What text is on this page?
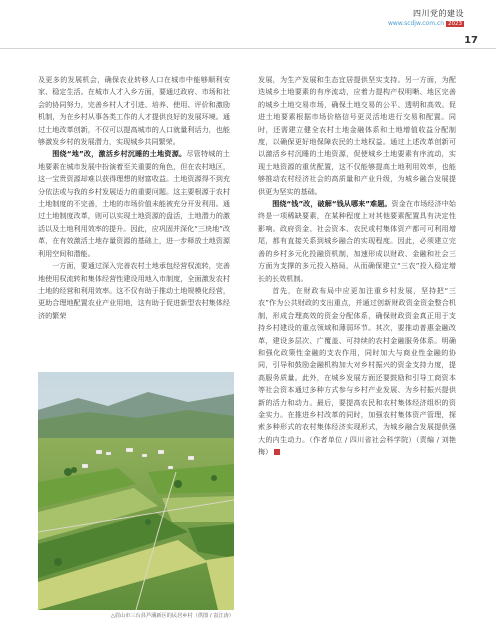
四川党的建设
www.scdjw.com.cn 2023
17

及更多的发展机会，确保农业转移人口在城市中能够顺利安家、稳定生活。在城市人才入乡方面，要通过政府、市场和社会的协同努力，完善乡村人才引进、培养、使用、评价和激励机制，为在乡村从事各类工作的人才提供良好的发展环境。通过土地改革创新，不仅可以提高城市的人口就量利话力，也能够激发乡村的发展潜力，实现城乡共同繁荣。

围绕“地”改，激活乡村沉睡的土地资源。尽管特城的土地要素在城市发展中扮演着至关重要的角色，但在农村地区，这一宝贵资源却难以获得理想的财富收益。土地资源得不到充分依法或与我的乡村发展适力的重要问题。这主要根源于农村土地制度的不完善，土地的市场价值未能被充分开发利用。通过土地制度改革，则可以实现土地资源的盘活，土地潜力的激活以及土地利用效率的提升。因此，应巩固并深化“三块地”改革，在有效激活土地存量资源的基础上，进一步释放土地资源利用空间和潜能。

一方面，要通过深入完善农村土地承包经营权流转，完善地使用权流转和集体经营性建设用地入市制度，全面激发农村土地的经营和利用效率。这不仅有助于推动土地规模化经营，更助合理地配置农业产业用地，这有助于促进新型农村集体经济的繁荣

△眉山市三台县芦溪新区的民居乡村（供图 / 袁江涛）

发展，为生产发展和生态宜居提供坚实支持。另一方面，为配迭城乡土地要素的有序流动，应着力提构产权明晰、地区完善的城乡土地交易市场，确保土地交易的公平、透明和高效。促进土地要素根据市场价格信号更灵活地进行交易和配置。同时，还需建立健全农村土地金融体系和土地增值收益分配制度，以确保更好地保障农民的土地权益。通过上述改革创新可以激活乡村沉睡的土地资源，促使城乡土地要素有序流动，实现土地资源的重优配置，这不仅能够提高土地利用效率，也能够推动农村经济社会的高质量和产业升级，为城乡融合发展提供更为坚实的基础。

围绕“钱”改，破解“钱从哪来”难题。资金在市场经济中始终是一项稀缺要素，在某种程度上对其他要素配置具有决定性影响。政府资金、社会资本、农民或村集体资产都可可利用增尾，都有直接关系到城乡融合的实现程度。因此，必须建立完善的乡村多元化投融资机制，加速形成以财政、金融和社会三方面为支撑的多元投入格局，从而确保建立“三农”投入稳定增长的长效机制。

首先，在财政布局中应更加注重乡村发展，坚持把“三农”作为公共财政的支出重点，并通过创新财政资金资金整合机制，形成合理高效的资金分配体系，确保财政资金真正用于支持乡村建设的重点领域和薄弱环节。其次，要推动普惠金融改革，建设多层次、广覆盖、可持续的农村金融服务体系。明确和强化政策性金融的支农作用，同时加大与商业性金融的协同，引导和鼓励金融机构加大对乡村振兴的资金支持力度，提高服务质量。此外，在城乡发展方面还要鼓励和引导工商资本等社会资本通过多种方式参与乡村产业发展、为乡村振兴提供新的活力和动力。最后，要提高农民和农村集体经济组织的资金实力。在推进乡村改革的同时，加强农村集体资产管理，探索多种形式的农村集体经济实现形式，为城乡融合发展提供强大的内生动力。（作者单位 / 四川省社会科学院）（责编 / 刘艳梅）	口
